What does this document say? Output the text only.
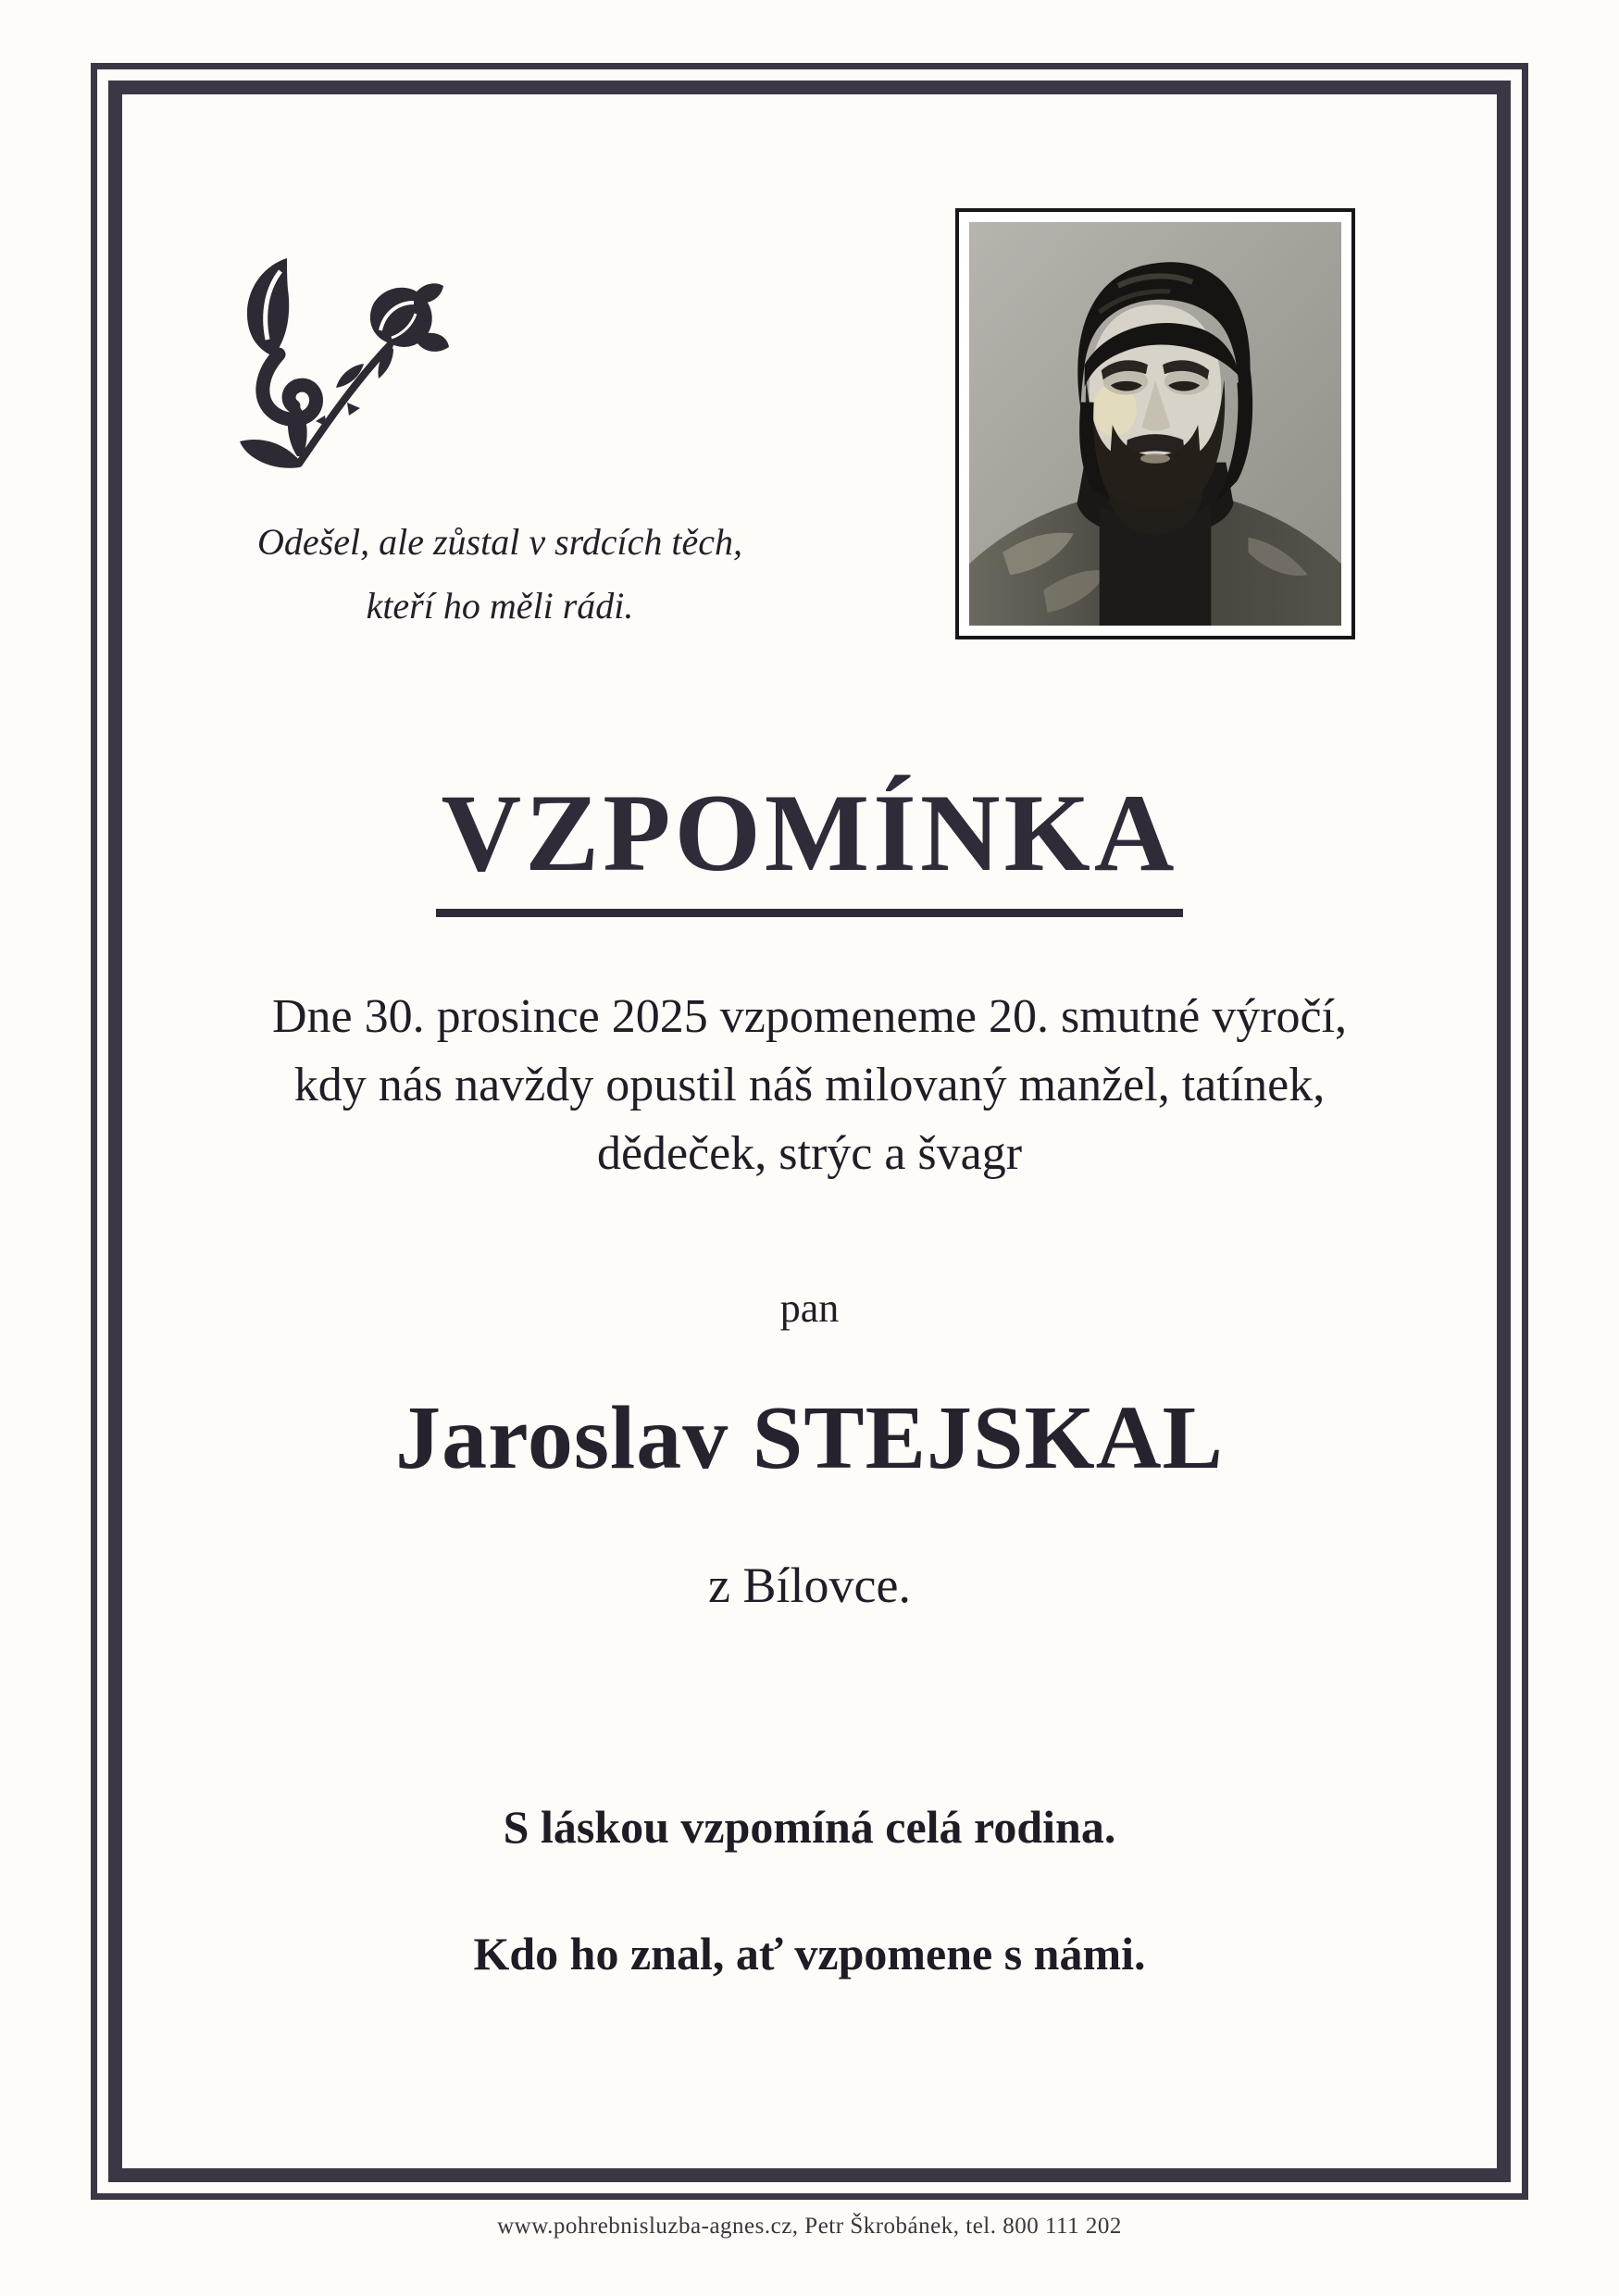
Odešel, ale zůstal v srdcích těch,
kteří ho měli rádi.
VZPOMÍNKA
Dne 30. prosince 2025 vzpomeneme 20. smutné výročí,
kdy nás navždy opustil náš milovaný manžel, tatínek,
dědeček, strýc a švagr
pan
Jaroslav STEJSKAL
z Bílovce.
S láskou vzpomíná celá rodina.
Kdo ho znal, ať vzpomene s námi.
www.pohrebnisluzba-agnes.cz, Petr Škrobánek, tel. 800 111 202
